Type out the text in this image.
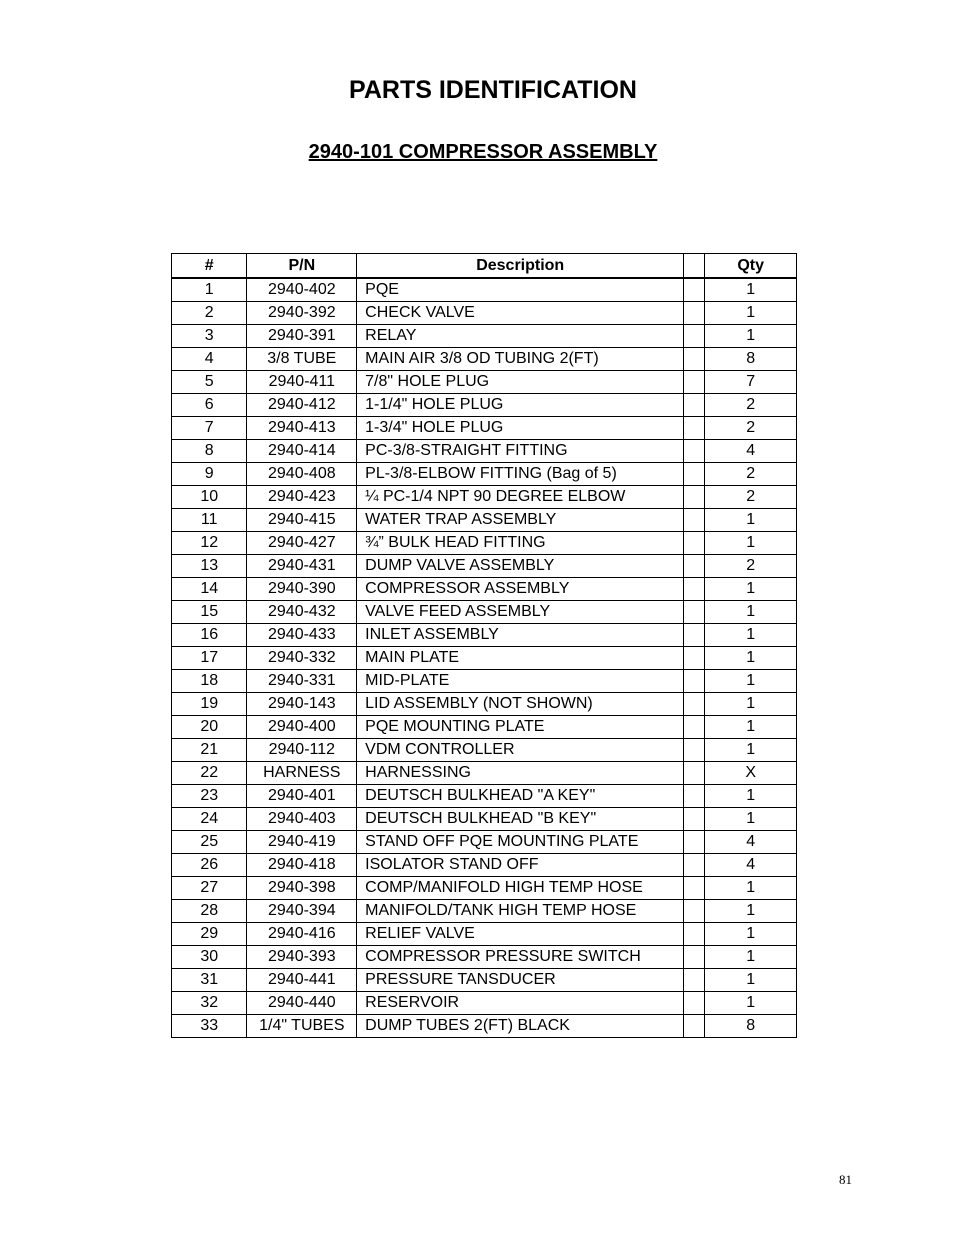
PARTS IDENTIFICATION
2940-101 COMPRESSOR ASSEMBLY
#	P/N	Description		Qty
1	2940-402	PQE		1
2	2940-392	CHECK VALVE		1
3	2940-391	RELAY		1
4	3/8 TUBE	MAIN AIR 3/8 OD TUBING 2(FT)		8
5	2940-411	7/8" HOLE PLUG		7
6	2940-412	1-1/4" HOLE PLUG		2
7	2940-413	1-3/4" HOLE PLUG		2
8	2940-414	PC-3/8-STRAIGHT FITTING		4
9	2940-408	PL-3/8-ELBOW FITTING (Bag of 5)		2
10	2940-423	¼ PC-1/4 NPT 90 DEGREE ELBOW		2
11	2940-415	WATER TRAP ASSEMBLY		1
12	2940-427	¾” BULK HEAD FITTING		1
13	2940-431	DUMP VALVE ASSEMBLY		2
14	2940-390	COMPRESSOR ASSEMBLY		1
15	2940-432	VALVE FEED ASSEMBLY		1
16	2940-433	INLET ASSEMBLY		1
17	2940-332	MAIN PLATE		1
18	2940-331	MID-PLATE		1
19	2940-143	LID ASSEMBLY (NOT SHOWN)		1
20	2940-400	PQE MOUNTING PLATE		1
21	2940-112	VDM CONTROLLER		1
22	HARNESS	HARNESSING		X
23	2940-401	DEUTSCH BULKHEAD "A KEY"		1
24	2940-403	DEUTSCH BULKHEAD "B KEY"		1
25	2940-419	STAND OFF PQE MOUNTING PLATE		4
26	2940-418	ISOLATOR STAND OFF		4
27	2940-398	COMP/MANIFOLD HIGH TEMP HOSE		1
28	2940-394	MANIFOLD/TANK HIGH TEMP HOSE		1
29	2940-416	RELIEF VALVE		1
30	2940-393	COMPRESSOR PRESSURE SWITCH		1
31	2940-441	PRESSURE TANSDUCER		1
32	2940-440	RESERVOIR		1
33	1/4" TUBES	DUMP TUBES 2(FT) BLACK		8
81
